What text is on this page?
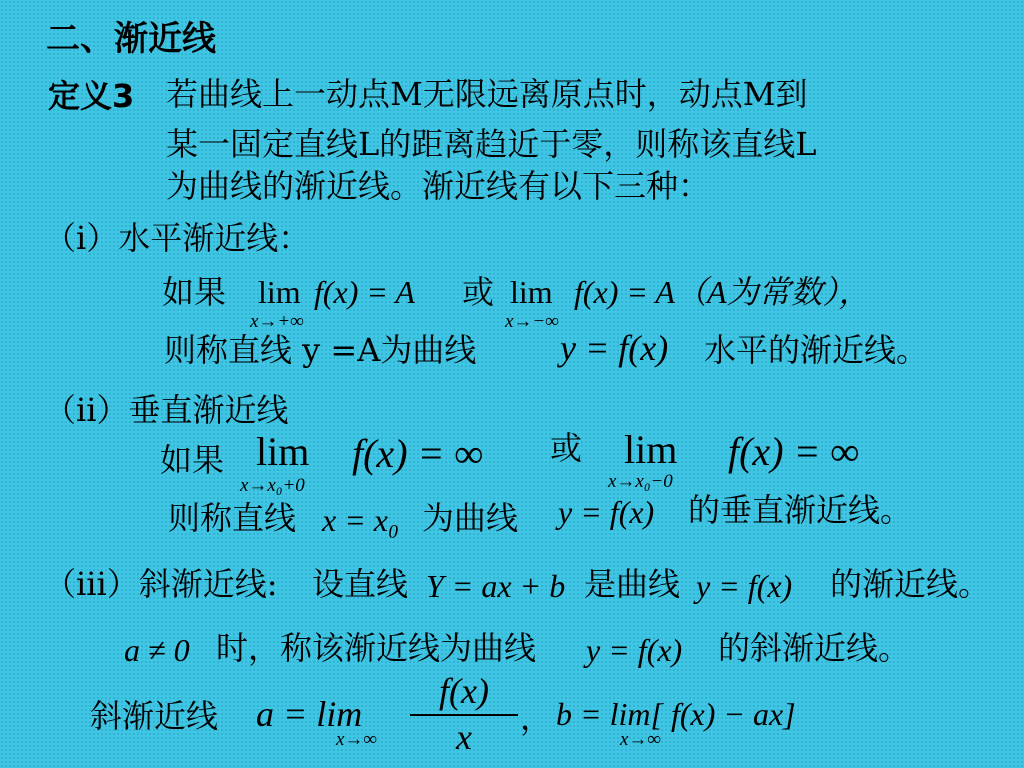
二、渐近线
定义3 若曲线上一动点M无限远离原点时，动点M到
某一固定直线L的距离趋近于零，则称该直线L
为曲线的渐近线。渐近线有以下三种：
（i）水平渐近线：
如果 lim
x→+∞
f(x) = A 或 lim
x→−∞
f(x) = A（A为常数），
则称直线 y =A为曲线 y = f(x) 水平的渐近线。
（ii）垂直渐近线
如果 lim
x→x₀+0
f(x) = ∞ 或 lim
x→x₀−0
f(x) = ∞
则称直线 x = x₀ 为曲线 y = f(x) 的垂直渐近线。
（iii）斜渐近线: 设直线 Y = ax + b 是曲线 y = f(x) 的渐近线。
a ≠ 0 时，称该渐近线为曲线 y = f(x) 的斜渐近线。
斜渐近线 a = lim
x→∞
f(x)
x ， b = lim[ f(x) − ax]
x→∞
